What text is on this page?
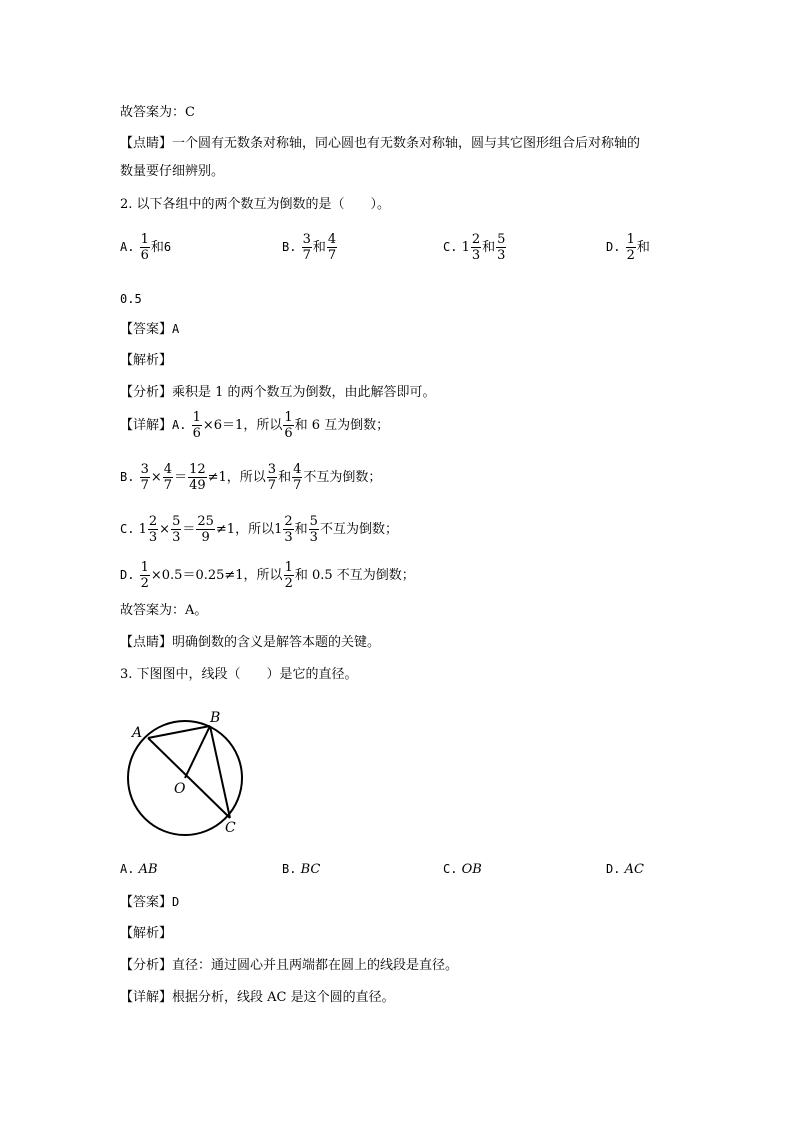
故答案为：C
【点睛】一个圆有无数条对称轴，同心圆也有无数条对称轴，圆与其它图形组合后对称轴的
数量要仔细辨别。
2. 以下各组中的两个数互为倒数的是（　　）。
A. $\frac{1}{6}$ 和6	B. $\frac{3}{7}$ 和 $\frac{4}{7}$	C. $1 \frac{2}{3}$ 和 $\frac{5}{3}$	D. $\frac{1}{2}$ 和
0.5
【答案】A
【解析】
【分析】乘积是 1 的两个数互为倒数，由此解答即可。
【详解】A. $\frac{1}{6} \times 6=1$，所以 $\frac{1}{6}$ 和 6 互为倒数；
B. $\frac{3}{7} \times \frac{4}{7} = \frac{12}{49} \ne 1$，所以 $\frac{3}{7}$ 和 $\frac{4}{7}$ 不互为倒数；
C. $1 \frac{2}{3} \times \frac{5}{3} = \frac{25}{9} \ne 1$，所以$1 \frac{2}{3}$ 和 $\frac{5}{3}$ 不互为倒数；
D. $\frac{1}{2} \times 0.5=0.25\ne 1$，所以 $\frac{1}{2}$ 和 0.5 不互为倒数；
故答案为：A。
【点睛】明确倒数的含义是解答本题的关键。
3. 下图图中，线段（　　）是它的直径。
A
B
C
O
A. AB	B. BC	C. OB	D. AC
【答案】D
【解析】
【分析】直径：通过圆心并且两端都在圆上的线段是直径。
【详解】根据分析，线段 AC 是这个圆的直径。
